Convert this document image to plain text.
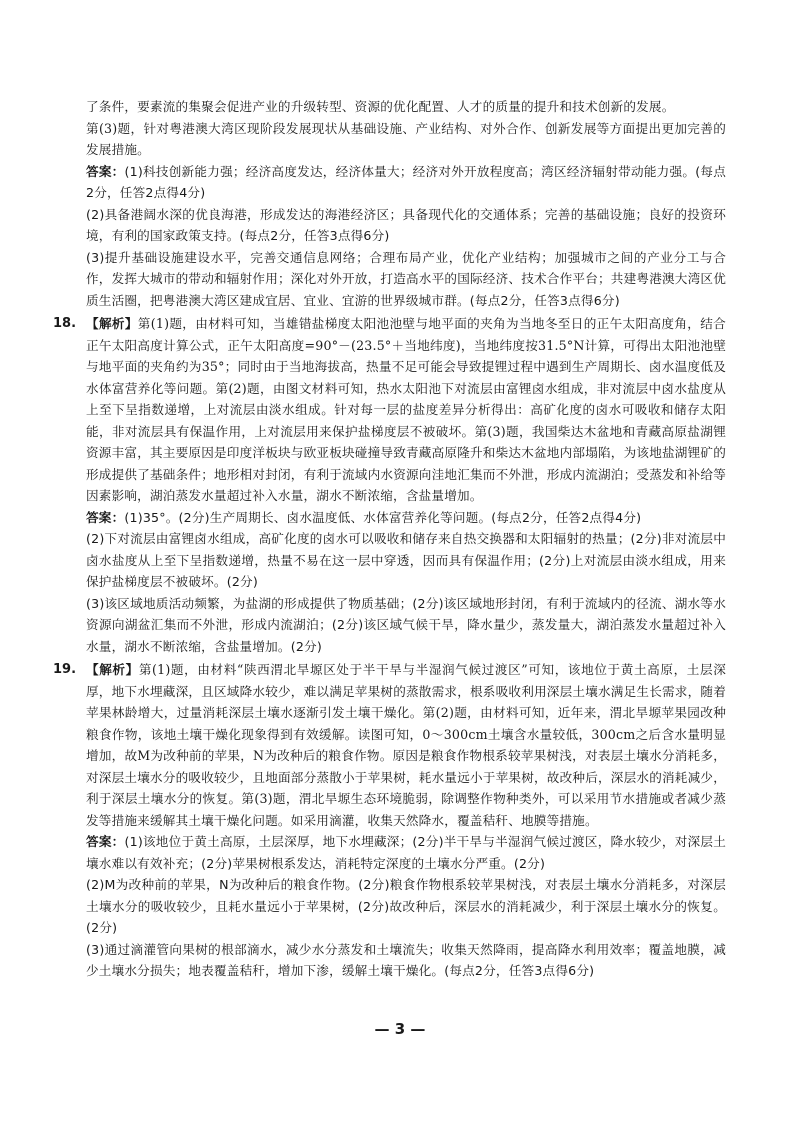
了条件，要素流的集聚会促进产业的升级转型、资源的优化配置、人才的质量的提升和技术创新的发展。

第(3)题，针对粤港澳大湾区现阶段发展现状从基础设施、产业结构、对外合作、创新发展等方面提出更加完善的发展措施。

答案：(1)科技创新能力强；经济高度发达，经济体量大；经济对外开放程度高；湾区经济辐射带动能力强。(每点2分，任答2点得4分)

(2)具备港阔水深的优良海港，形成发达的海港经济区；具备现代化的交通体系；完善的基础设施；良好的投资环境，有利的国家政策支持。(每点2分，任答3点得6分)

(3)提升基础设施建设水平，完善交通信息网络；合理布局产业，优化产业结构；加强城市之间的产业分工与合作，发挥大城市的带动和辐射作用；深化对外开放，打造高水平的国际经济、技术合作平台；共建粤港澳大湾区优质生活圈，把粤港澳大湾区建成宜居、宜业、宜游的世界级城市群。(每点2分，任答3点得6分)

18. 【解析】第(1)题，由材料可知，当雄错盐梯度太阳池池壁与地平面的夹角为当地冬至日的正午太阳高度角，结合正午太阳高度计算公式，正午太阳高度=90°－(23.5°＋当地纬度)，当地纬度按31.5°N计算，可得出太阳池池壁与地平面的夹角约为35°；同时由于当地海拔高，热量不足可能会导致提锂过程中遇到生产周期长、卤水温度低及水体富营养化等问题。第(2)题，由图文材料可知，热水太阳池下对流层由富锂卤水组成，非对流层中卤水盐度从上至下呈指数递增，上对流层由淡水组成。针对每一层的盐度差异分析得出：高矿化度的卤水可吸收和储存太阳能，非对流层具有保温作用，上对流层用来保护盐梯度层不被破坏。第(3)题，我国柴达木盆地和青藏高原盐湖锂资源丰富，其主要原因是印度洋板块与欧亚板块碰撞导致青藏高原隆升和柴达木盆地内部塌陷，为该地盐湖锂矿的形成提供了基础条件；地形相对封闭，有利于流域内水资源向洼地汇集而不外泄，形成内流湖泊；受蒸发和补给等因素影响，湖泊蒸发水量超过补入水量，湖水不断浓缩，含盐量增加。

答案：(1)35°。(2分)生产周期长、卤水温度低、水体富营养化等问题。(每点2分，任答2点得4分)

(2)下对流层由富锂卤水组成，高矿化度的卤水可以吸收和储存来自热交换器和太阳辐射的热量；(2分)非对流层中卤水盐度从上至下呈指数递增，热量不易在这一层中穿透，因而具有保温作用；(2分)上对流层由淡水组成，用来保护盐梯度层不被破坏。(2分)

(3)该区域地质活动频繁，为盐湖的形成提供了物质基础；(2分)该区域地形封闭，有利于流域内的径流、湖水等水资源向湖盆汇集而不外泄，形成内流湖泊；(2分)该区域气候干旱，降水量少，蒸发量大，湖泊蒸发水量超过补入水量，湖水不断浓缩，含盐量增加。(2分)

19. 【解析】第(1)题，由材料“陕西渭北旱塬区处于半干旱与半湿润气候过渡区”可知，该地位于黄土高原，土层深厚，地下水埋藏深，且区域降水较少，难以满足苹果树的蒸散需求，根系吸收利用深层土壤水满足生长需求，随着苹果林龄增大，过量消耗深层土壤水逐渐引发土壤干燥化。第(2)题，由材料可知，近年来，渭北旱塬苹果园改种粮食作物，该地土壤干燥化现象得到有效缓解。读图可知，0～300cm土壤含水量较低，300cm之后含水量明显增加，故M为改种前的苹果，N为改种后的粮食作物。原因是粮食作物根系较苹果树浅，对表层土壤水分消耗多，对深层土壤水分的吸收较少，且地面部分蒸散小于苹果树，耗水量远小于苹果树，故改种后，深层水的消耗减少，利于深层土壤水分的恢复。第(3)题，渭北旱塬生态环境脆弱，除调整作物种类外，可以采用节水措施或者减少蒸发等措施来缓解其土壤干燥化问题。如采用滴灌，收集天然降水，覆盖秸秆、地膜等措施。

答案：(1)该地位于黄土高原，土层深厚，地下水埋藏深；(2分)半干旱与半湿润气候过渡区，降水较少，对深层土壤水难以有效补充；(2分)苹果树根系发达，消耗特定深度的土壤水分严重。(2分)

(2)M为改种前的苹果，N为改种后的粮食作物。(2分)粮食作物根系较苹果树浅，对表层土壤水分消耗多，对深层土壤水分的吸收较少，且耗水量远小于苹果树，(2分)故改种后，深层水的消耗减少，利于深层土壤水分的恢复。(2分)

(3)通过滴灌管向果树的根部滴水，减少水分蒸发和土壤流失；收集天然降雨，提高降水利用效率；覆盖地膜，减少土壤水分损失；地表覆盖秸秆，增加下渗，缓解土壤干燥化。(每点2分，任答3点得6分)

— 3 —
